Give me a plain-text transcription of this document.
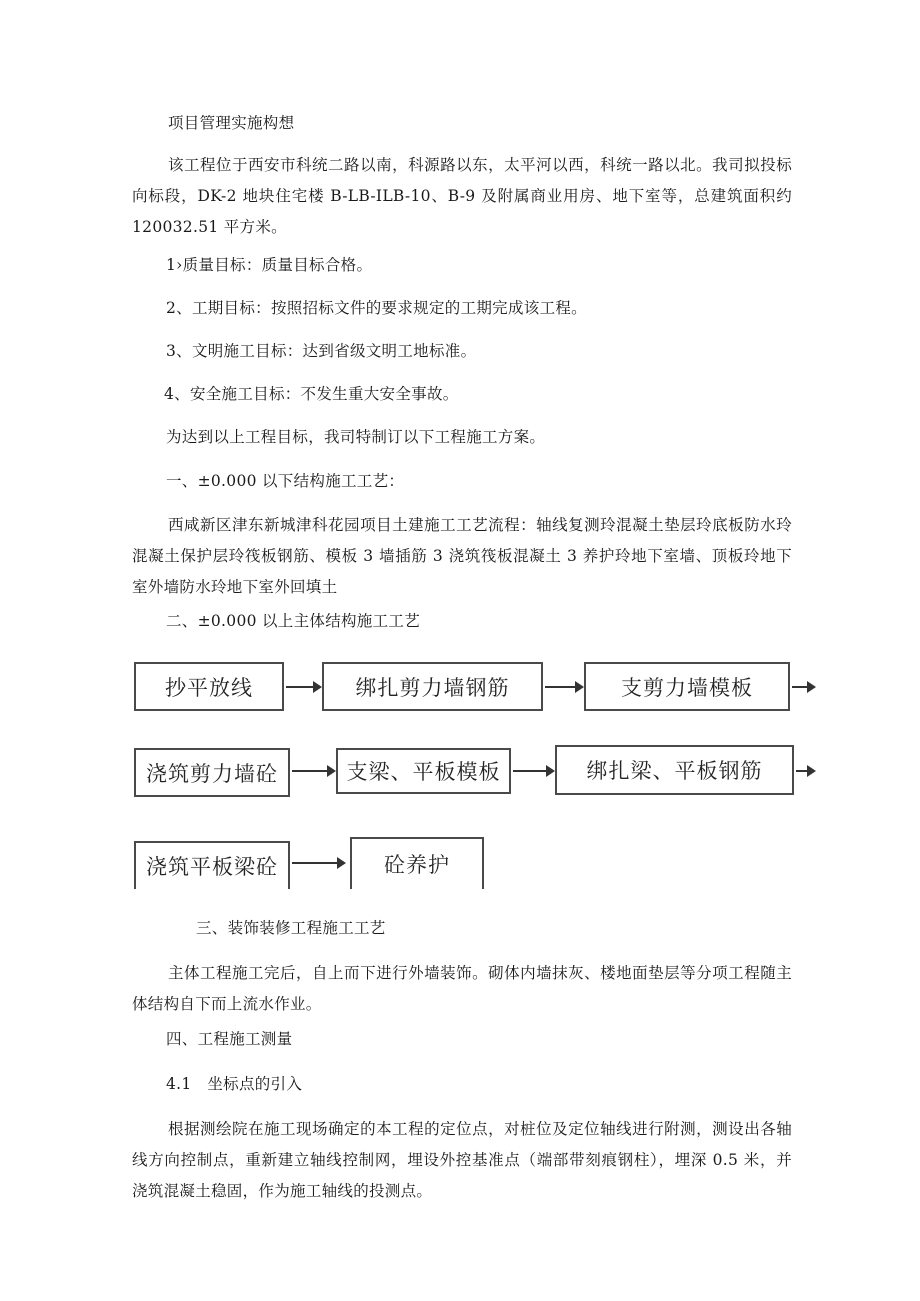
项目管理实施构想

该工程位于西安市科统二路以南，科源路以东，太平河以西，科统一路以北。我司拟投标向标段，DK-2 地块住宅楼 B-LB-ILB-10、B-9 及附属商业用房、地下室等，总建筑面积约 120032.51 平方米。

1›质量目标：质量目标合格。

2、工期目标：按照招标文件的要求规定的工期完成该工程。

3、文明施工目标：达到省级文明工地标准。

4、安全施工目标：不发生重大安全事故。

为达到以上工程目标，我司特制订以下工程施工方案。

一、±0.000 以下结构施工工艺：

西咸新区津东新城津科花园项目土建施工工艺流程：轴线复测玲混凝土垫层玲底板防水玲混凝土保护层玲筏板钢筋、模板 3 墙插筋 3 浇筑筏板混凝土 3 养护玲地下室墙、顶板玲地下室外墙防水玲地下室外回填土

二、±0.000 以上主体结构施工工艺

抄平放线	绑扎剪力墙钢筋	支剪力墙模板
浇筑剪力墙砼	支梁、平板模板	绑扎梁、平板钢筋
浇筑平板梁砼	砼养护

三、装饰装修工程施工工艺

主体工程施工完后，自上而下进行外墙装饰。砌体内墙抹灰、楼地面垫层等分项工程随主体结构自下而上流水作业。

四、工程施工测量

4.1　坐标点的引入

根据测绘院在施工现场确定的本工程的定位点，对桩位及定位轴线进行附测，测设出各轴线方向控制点，重新建立轴线控制网，埋设外控基准点（端部带刻痕钢柱），埋深 0.5 米，并浇筑混凝土稳固，作为施工轴线的投测点。
